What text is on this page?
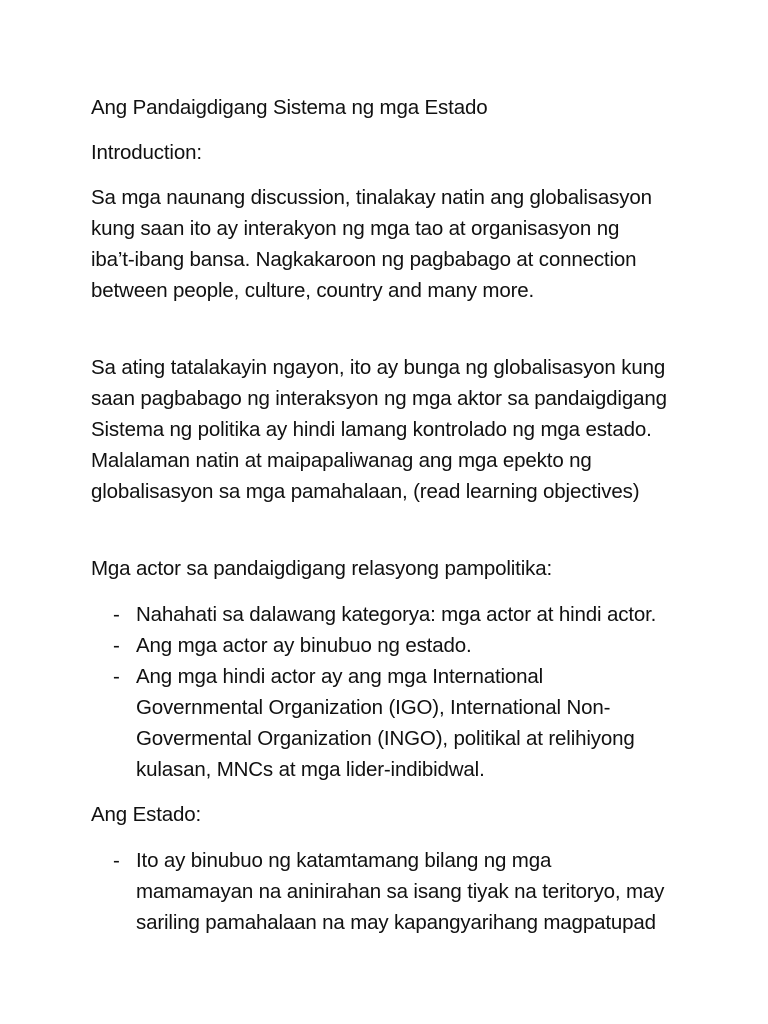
Ang Pandaigdigang Sistema ng mga Estado

Introduction:

Sa mga naunang discussion, tinalakay natin ang globalisasyon

kung saan ito ay interakyon ng mga tao at organisasyon ng

iba’t-ibang bansa. Nagkakaroon ng pagbabago at connection

between people, culture, country and many more.

Sa ating tatalakayin ngayon, ito ay bunga ng globalisasyon kung

saan pagbabago ng interaksyon ng mga aktor sa pandaigdigang

Sistema ng politika ay hindi lamang kontrolado ng mga estado.

Malalaman natin at maipapaliwanag ang mga epekto ng

globalisasyon sa mga pamahalaan, (read learning objectives)

Mga actor sa pandaigdigang relasyong pampolitika:

- Nahahati sa dalawang kategorya: mga actor at hindi actor.
- Ang mga actor ay binubuo ng estado.
- Ang mga hindi actor ay ang mga International
Governmental Organization (IGO), International Non-
Govermental Organization (INGO), politikal at relihiyong
kulasan, MNCs at mga lider-indibidwal.

Ang Estado:

- Ito ay binubuo ng katamtamang bilang ng mga
mamamayan na aninirahan sa isang tiyak na teritoryo, may
sariling pamahalaan na may kapangyarihang magpatupad
